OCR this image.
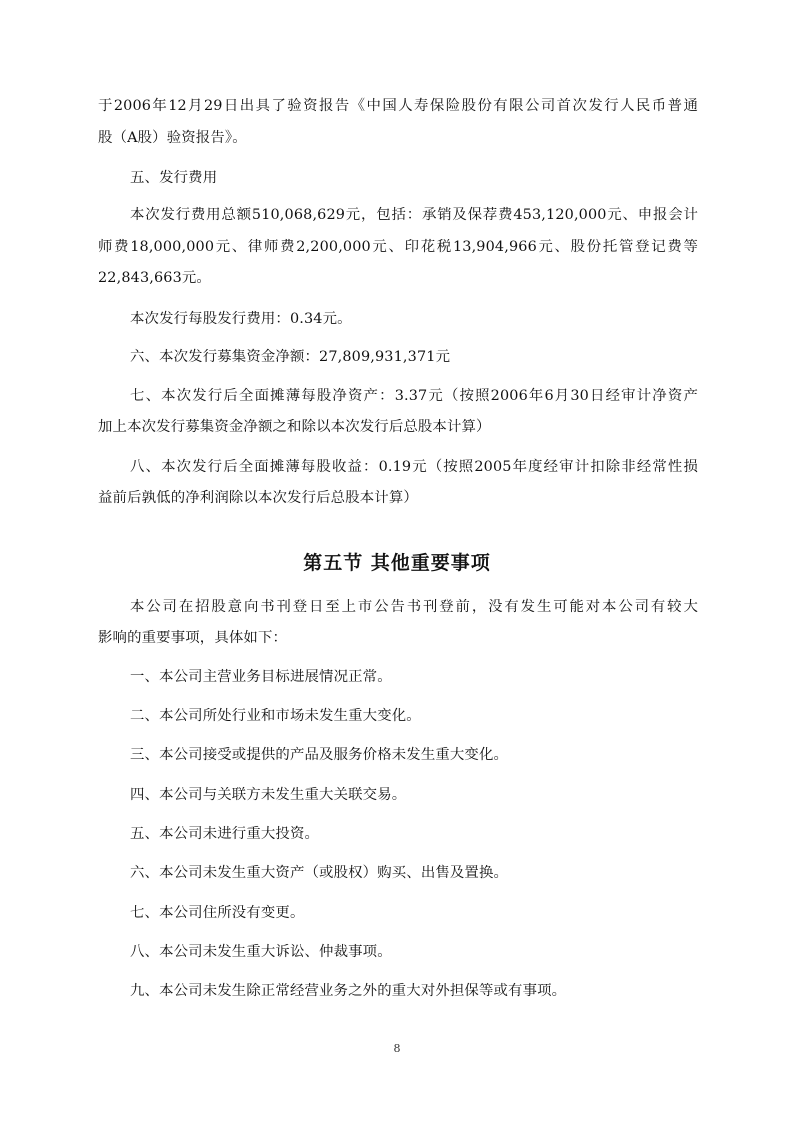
于2006年12月29日出具了验资报告《中国人寿保险股份有限公司首次发行人民币普通
股（A股）验资报告》。
五、发行费用
本次发行费用总额510,068,629元，包括：承销及保荐费453,120,000元、申报会计
师费18,000,000元、律师费2,200,000元、印花税13,904,966元、股份托管登记费等
22,843,663元。
本次发行每股发行费用：0.34元。
六、本次发行募集资金净额：27,809,931,371元
七、本次发行后全面摊薄每股净资产：3.37元（按照2006年6月30日经审计净资产
加上本次发行募集资金净额之和除以本次发行后总股本计算）
八、本次发行后全面摊薄每股收益：0.19元（按照2005年度经审计扣除非经常性损
益前后孰低的净利润除以本次发行后总股本计算）
第五节 其他重要事项
本公司在招股意向书刊登日至上市公告书刊登前，没有发生可能对本公司有较大
影响的重要事项，具体如下：
一、本公司主营业务目标进展情况正常。
二、本公司所处行业和市场未发生重大变化。
三、本公司接受或提供的产品及服务价格未发生重大变化。
四、本公司与关联方未发生重大关联交易。
五、本公司未进行重大投资。
六、本公司未发生重大资产（或股权）购买、出售及置换。
七、本公司住所没有变更。
八、本公司未发生重大诉讼、仲裁事项。
九、本公司未发生除正常经营业务之外的重大对外担保等或有事项。
8
